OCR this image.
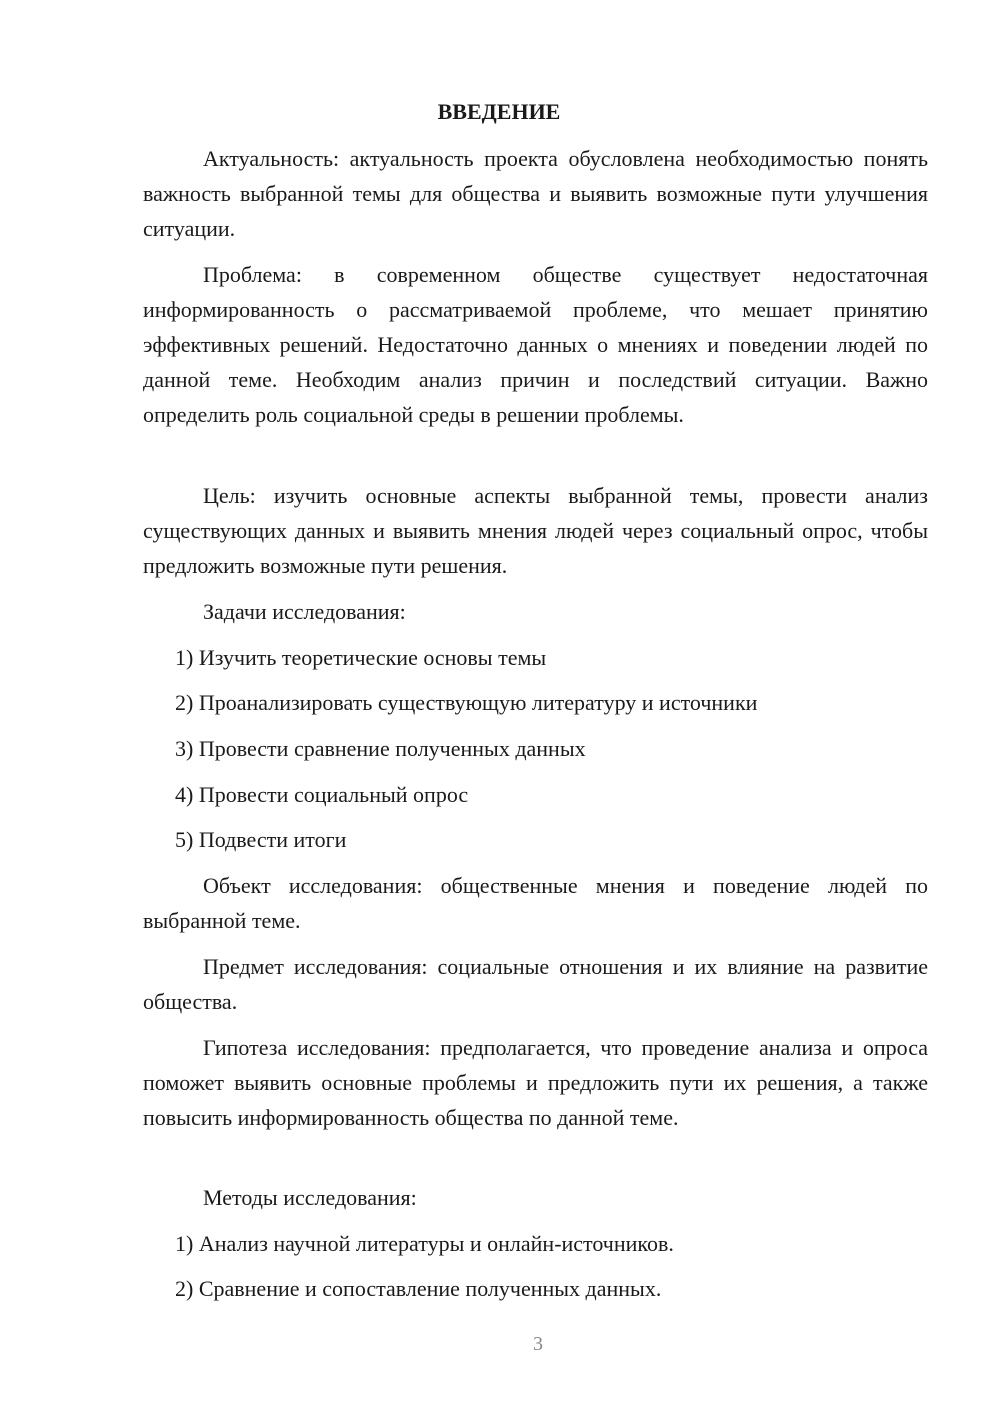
ВВЕДЕНИЕ

Актуальность: актуальность проекта обусловлена необходимостью понять важность выбранной темы для общества и выявить возможные пути улучшения ситуации.

Проблема: в современном обществе существует недостаточная информированность о рассматриваемой проблеме, что мешает принятию эффективных решений. Недостаточно данных о мнениях и поведении людей по данной теме. Необходим анализ причин и последствий ситуации. Важно определить роль социальной среды в решении проблемы.

Цель: изучить основные аспекты выбранной темы, провести анализ существующих данных и выявить мнения людей через социальный опрос, чтобы предложить возможные пути решения.

Задачи исследования:

1) Изучить теоретические основы темы

2) Проанализировать существующую литературу и источники

3) Провести сравнение полученных данных

4) Провести социальный опрос

5) Подвести итоги

Объект исследования: общественные мнения и поведение людей по выбранной теме.

Предмет исследования: социальные отношения и их влияние на развитие общества.

Гипотеза исследования: предполагается, что проведение анализа и опроса поможет выявить основные проблемы и предложить пути их решения, а также повысить информированность общества по данной теме.

Методы исследования:

1) Анализ научной литературы и онлайн-источников.

2) Сравнение и сопоставление полученных данных.

3
